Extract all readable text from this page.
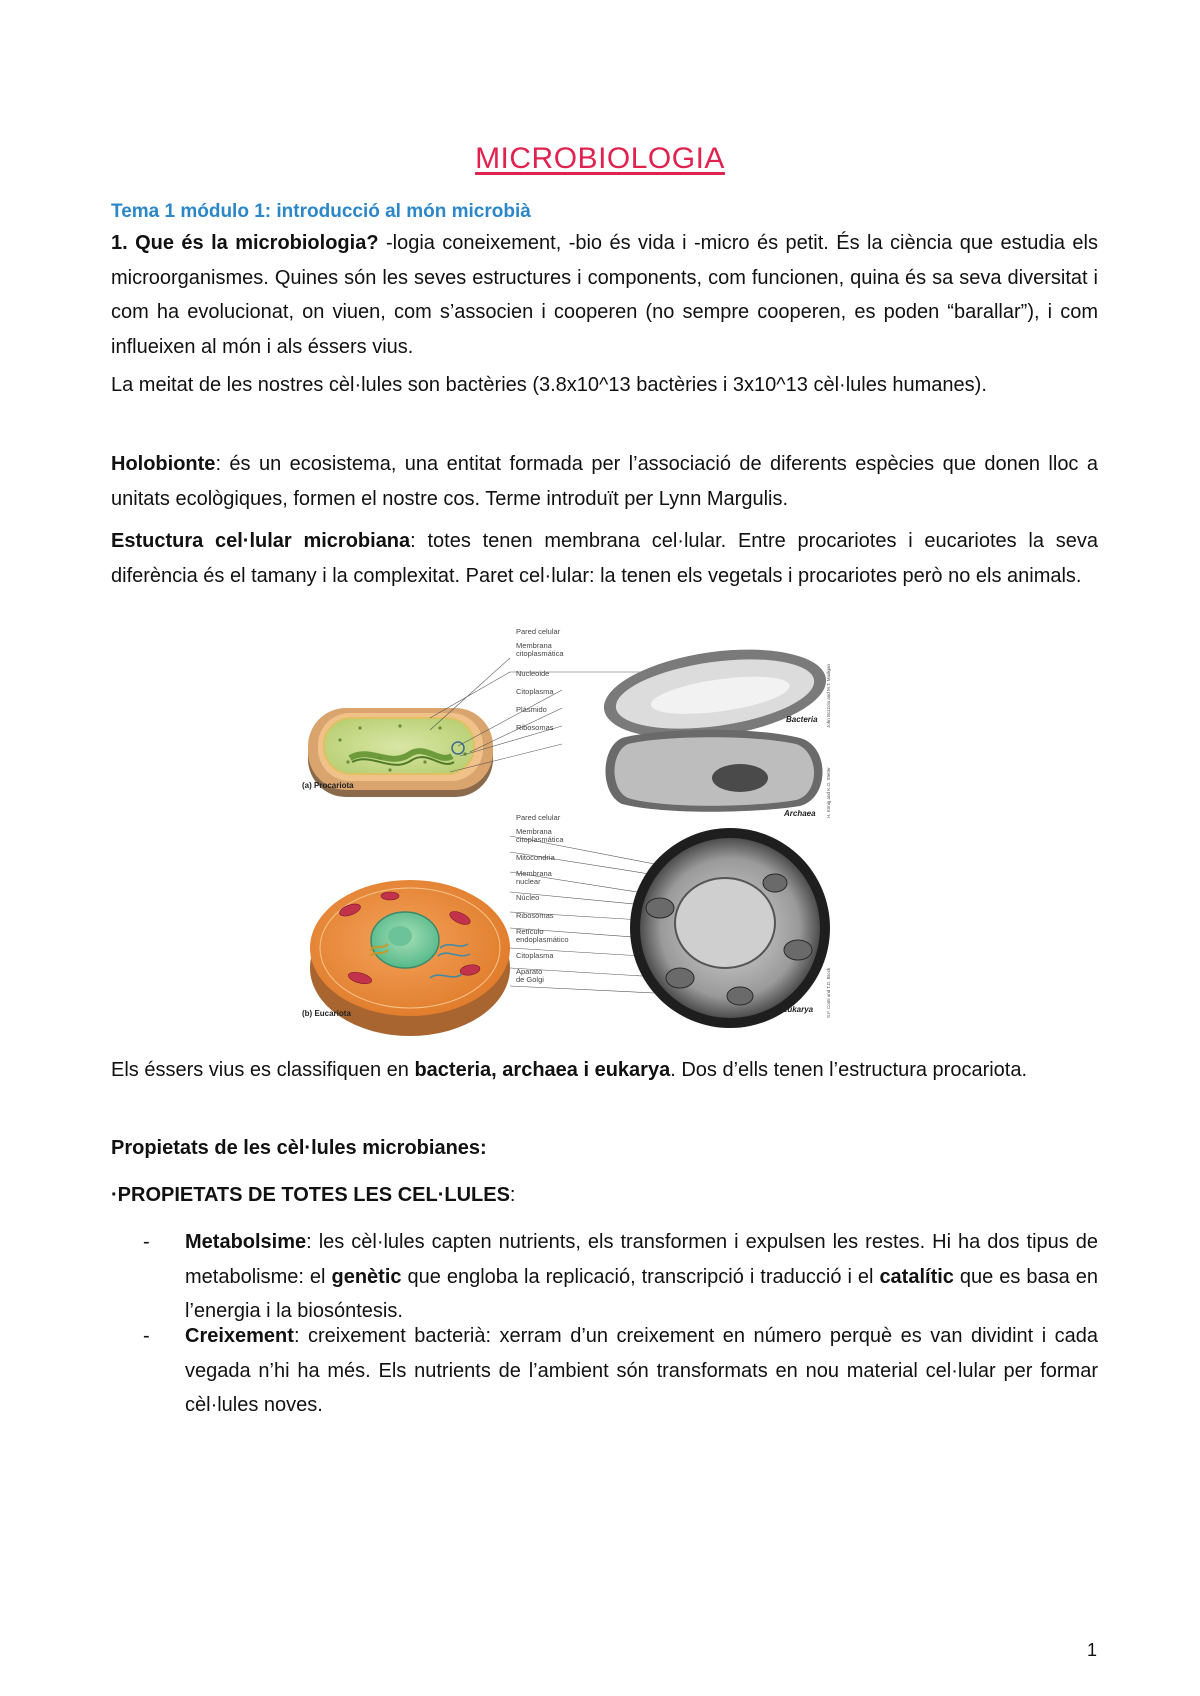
MICROBIOLOGIA
Tema 1 módulo 1: introducció al món microbià
1. Que és la microbiologia? -logia coneixement, -bio és vida i -micro és petit. És la ciència que estudia els microorganismes. Quines són les seves estructures i components, com funcionen, quina és sa seva diversitat i com ha evolucionat, on viuen, com s’associen i cooperen (no sempre cooperen, es poden “barallar”), i com influeixen al món i als éssers vius.
La meitat de les nostres cèl·lules son bactèries (3.8x10^13 bactèries i 3x10^13 cèl·lules humanes).
Holobionte: és un ecosistema, una entitat formada per l’associació de diferents espècies que donen lloc a unitats ecològiques, formen el nostre cos. Terme introduït per Lynn Margulis.
Estuctura cel·lular microbiana: totes tenen membrana cel·lular. Entre procariotes i eucariotes la seva diferència és el tamany i la complexitat. Paret cel·lular: la tenen els vegetals i procariotes però no els animals.
Pared celular
Membrana
citoplasmática
Nucleoide
Citoplasma
Plásmido
Ribosomas
(a) Procariota
Bacteria
Archaea
John Bozzola and M.T. Madigan
H. König and K.O. Stetter
Pared celular
Membrana
citoplasmática
Mitocondria
Membrana
nuclear
Núcleo
Ribosomas
Retículo
endoplasmático
Citoplasma
Aparato
de Golgi
(b) Eucariota	Eukarya	S.F. Conti and T.D. Brock
Els éssers vius es classifiquen en bacteria, archaea i eukarya. Dos d’ells tenen l’estructura procariota.
Propietats de les cèl·lules microbianes:
·PROPIETATS DE TOTES LES CEL·LULES:
- Metabolsime: les cèl·lules capten nutrients, els transformen i expulsen les restes. Hi ha dos tipus de metabolisme: el genètic que engloba la replicació, transcripció i traducció i el catalític que es basa en l’energia i la biosóntesis.
- Creixement: creixement bacterià: xerram d’un creixement en número perquè es van dividint i cada vegada n’hi ha més. Els nutrients de l’ambient són transformats en nou material cel·lular per formar cèl·lules noves.
1
